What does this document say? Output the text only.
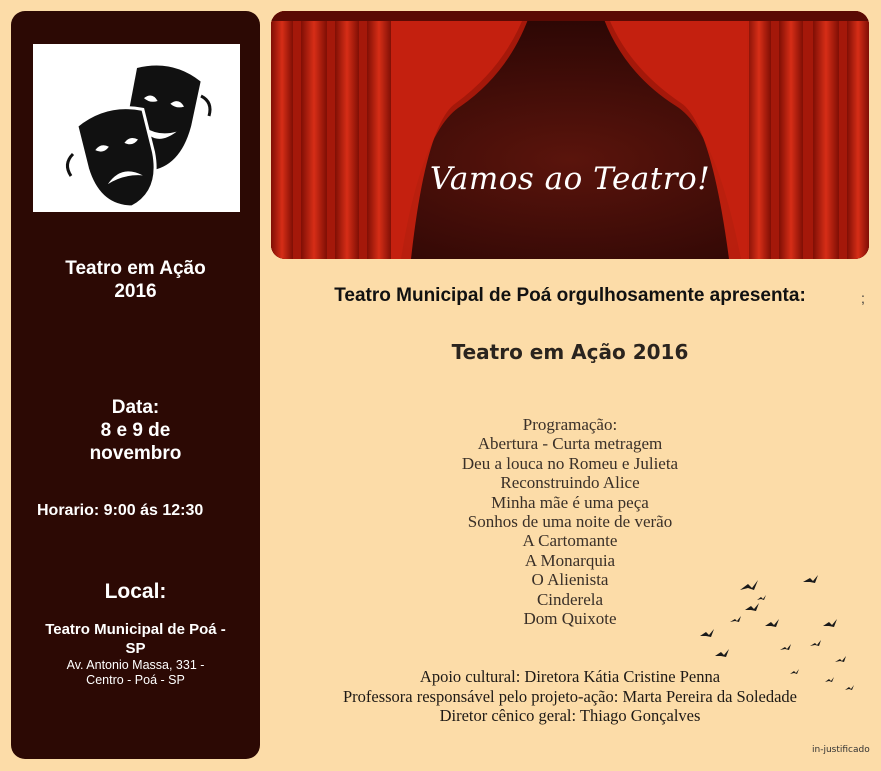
Teatro em Ação
2016
Data:
8 e 9 de
novembro
Horario: 9:00 ás 12:30
Local:
Teatro Municipal de Poá -
SP
Av. Antonio Massa, 331 -
Centro - Poá - SP
Vamos ao Teatro!
Teatro Municipal de Poá orgulhosamente apresenta:	;
Teatro em Ação 2016
Programação:
Abertura - Curta metragem
Deu a louca no Romeu e Julieta
Reconstruindo Alice
Minha mãe é uma peça
Sonhos de uma noite de verão
A Cartomante
A Monarquia
O Alienista
Cinderela
Dom Quixote
Apoio cultural: Diretora Kátia Cristine Penna
Professora responsável pelo projeto-ação: Marta Pereira da Soledade
Diretor cênico geral: Thiago Gonçalves
in-justificado
